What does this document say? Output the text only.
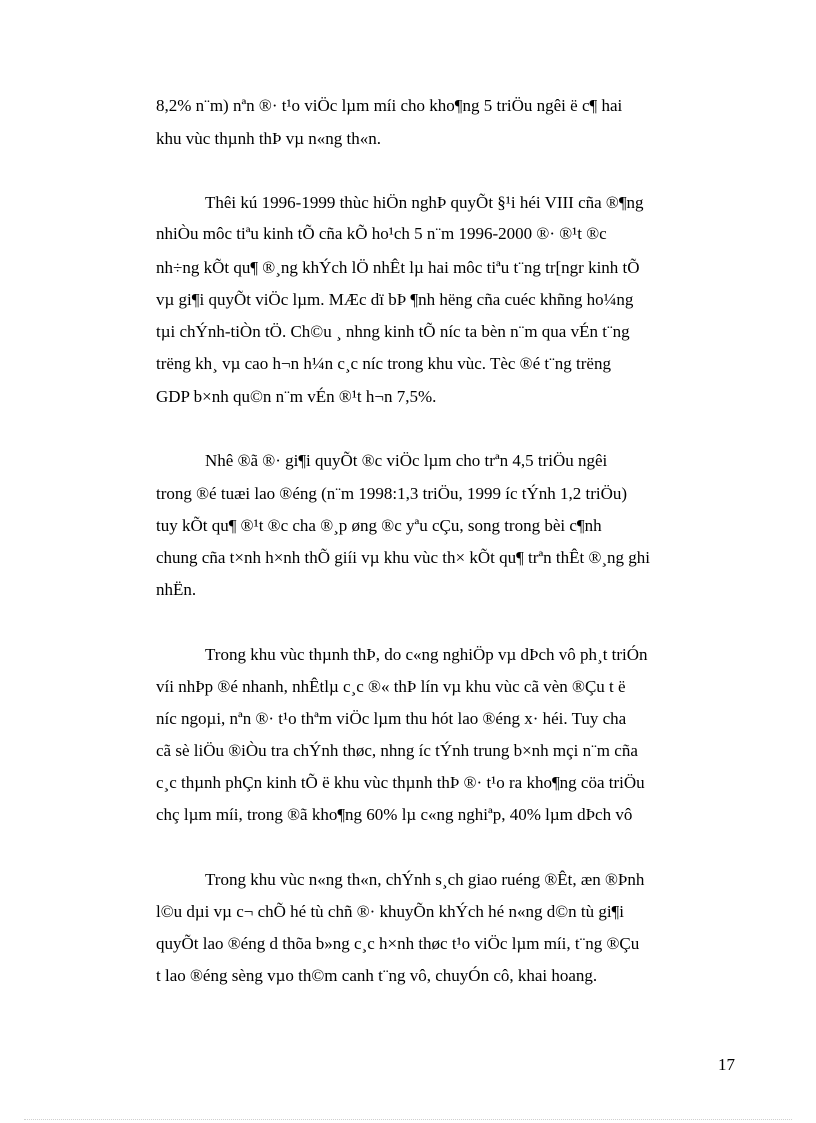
8,2% n¨m) nªn ®· t¹o viÖc lµm míi cho kho¶ng 5 triÖu ngêi ë c¶ hai
khu vùc thµnh thÞ vµ n«ng th«n.
Thêi kú 1996-1999 thùc hiÖn nghÞ quyÕt §¹i héi VIII cña ®¶ng
nhiÒu môc tiªu kinh tÕ cña kÕ ho¹ch 5 n¨m 1996-2000 ®· ®¹t ®c
nh÷ng kÕt qu¶ ®¸ng khÝch lÖ nhÊt lµ hai môc tiªu t¨ng tr[ngr kinh tÕ
vµ gi¶i quyÕt viÖc lµm. MÆc dï bÞ ¶nh hëng cña cuéc khñng ho¼ng
tµi chÝnh-tiÒn tÖ. Ch©u ¸ nhng kinh tÕ níc ta bèn n¨m qua vÉn t¨ng
trëng kh¸ vµ cao h¬n h¼n c¸c níc trong khu vùc. Tèc ®é t¨ng trëng
GDP b×nh qu©n n¨m vÉn ®¹t h¬n 7,5%.
Nhê ®ã ®· gi¶i quyÕt ®c viÖc lµm cho trªn 4,5 triÖu ngêi
trong ®é tuæi lao ®éng (n¨m 1998:1,3 triÖu, 1999 íc tÝnh 1,2 triÖu)
tuy kÕt qu¶ ®¹t ®c cha ®¸p øng ®c yªu cÇu, song trong bèi c¶nh
chung cña t×nh h×nh thÕ giíi vµ khu vùc th× kÕt qu¶ trªn thÊt ®¸ng ghi
nhËn.
Trong khu vùc thµnh thÞ, do c«ng nghiÖp vµ dÞch vô ph¸t triÓn
víi nhÞp ®é nhanh, nhÊtlµ c¸c ®« thÞ lín vµ khu vùc cã vèn ®Çu t ë
níc ngoµi, nªn ®· t¹o thªm viÖc lµm thu hót lao ®éng x· héi. Tuy cha
cã sè liÖu ®iÒu tra chÝnh thøc, nhng íc tÝnh trung b×nh mçi n¨m cña
c¸c thµnh phÇn kinh tÕ ë khu vùc thµnh thÞ ®· t¹o ra kho¶ng cöa triÖu
chç lµm míi, trong ®ã kho¶ng 60% lµ c«ng nghiªp, 40% lµm dÞch vô
Trong khu vùc n«ng th«n, chÝnh s¸ch giao ruéng ®Êt, æn ®Þnh
l©u dµi vµ c¬ chÕ hé tù chñ ®· khuyÕn khÝch hé n«ng d©n tù gi¶i
quyÕt lao ®éng d thõa b»ng c¸c h×nh thøc t¹o viÖc lµm míi, t¨ng ®Çu
t lao ®éng sèng vµo th©m canh t¨ng vô, chuyÓn cô, khai hoang.
17
